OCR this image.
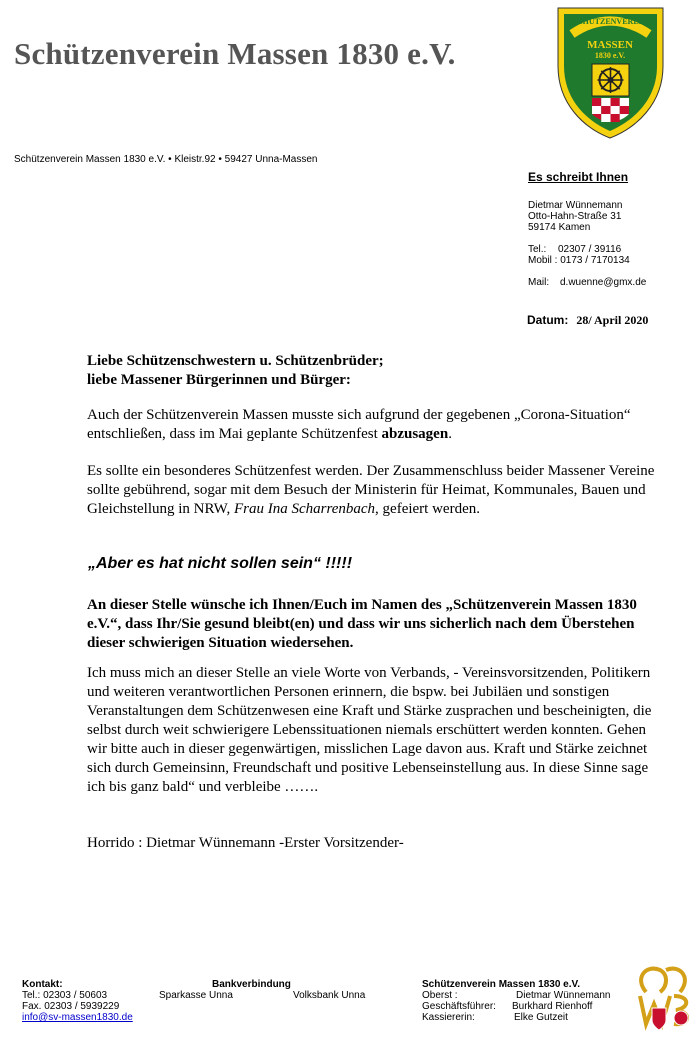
Schützenverein Massen 1830 e.V.
SCHÜTZENVEREIN
MASSEN
1830 e.V.
Schützenverein Massen 1830 e.V. • Kleistr.92 • 59427 Unna-Massen
Es schreibt Ihnen
Dietmar Wünnemann
Otto-Hahn-Straße 31
59174 Kamen
Tel.: 02307 / 39116
Mobil : 0173 / 7170134
Mail: d.wuenne@gmx.de
Datum: 28/ April 2020
Liebe Schützenschwestern u. Schützenbrüder;
liebe Massener Bürgerinnen und Bürger:
Auch der Schützenverein Massen musste sich aufgrund der gegebenen „Corona-Situation“ entschließen, dass im Mai geplante Schützenfest abzusagen.
Es sollte ein besonderes Schützenfest werden. Der Zusammenschluss beider Massener Vereine sollte gebührend, sogar mit dem Besuch der Ministerin für Heimat, Kommunales, Bauen und Gleichstellung in NRW, Frau Ina Scharrenbach, gefeiert werden.
„Aber es hat nicht sollen sein“ !!!!!
An dieser Stelle wünsche ich Ihnen/Euch im Namen des „Schützenverein Massen 1830 e.V.“, dass Ihr/Sie gesund bleibt(en) und dass wir uns sicherlich nach dem Überstehen dieser schwierigen Situation wiedersehen.
Ich muss mich an dieser Stelle an viele Worte von Verbands, - Vereinsvorsitzenden, Politikern und weiteren verantwortlichen Personen erinnern, die bspw. bei Jubiläen und sonstigen Veranstaltungen dem Schützenwesen eine Kraft und Stärke zusprachen und bescheinigten, die selbst durch weit schwierigere Lebenssituationen niemals erschüttert werden konnten. Gehen wir bitte auch in dieser gegenwärtigen, misslichen Lage davon aus. Kraft und Stärke zeichnet sich durch Gemeinsinn, Freundschaft und positive Lebenseinstellung aus. In diese Sinne sage ich bis ganz bald“ und verbleibe …….
Horrido : Dietmar Wünnemann -Erster Vorsitzender-
Kontakt:
Tel.: 02303 / 50603
Fax. 02303 / 5939229
info@sv-massen1830.de
Bankverbindung
Sparkasse Unna	Volksbank Unna
Schützenverein Massen 1830 e.V.
Oberst :	Dietmar Wünnemann
Geschäftsführer: Burkhard Rienhoff
Kassiererin:	Elke Gutzeit
